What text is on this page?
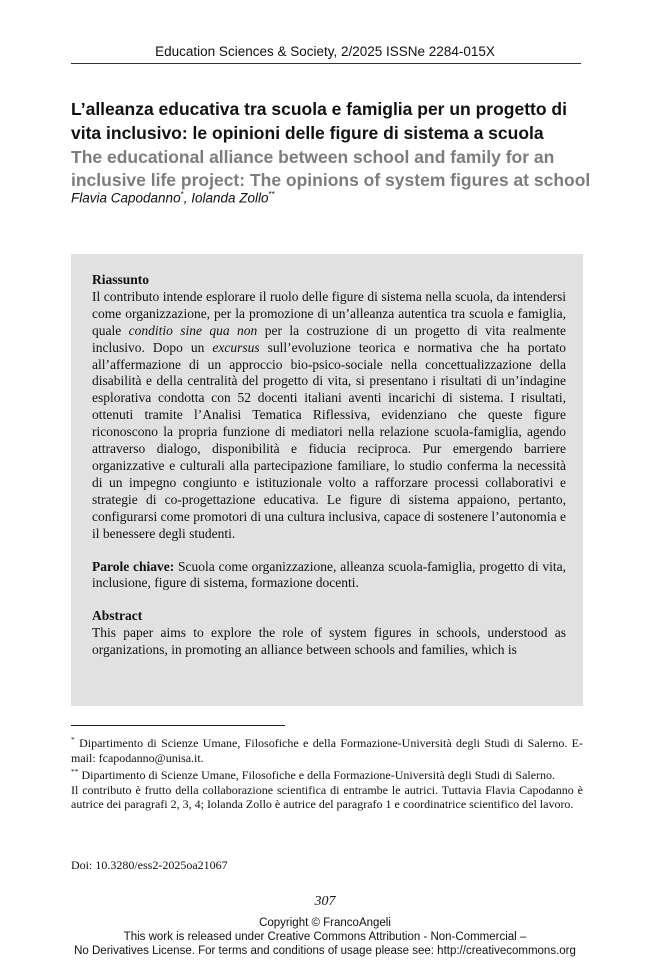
Education Sciences & Society, 2/2025 ISSNe 2284-015X
L’alleanza educativa tra scuola e famiglia per un progetto di vita inclusivo: le opinioni delle figure di sistema a scuola
The educational alliance between school and family for an inclusive life project: The opinions of system figures at school
Flavia Capodanno*, Iolanda Zollo**
Riassunto

Il contributo intende esplorare il ruolo delle figure di sistema nella scuola, da intendersi come organizzazione, per la promozione di un’alleanza autentica tra scuola e famiglia, quale conditio sine qua non per la costruzione di un progetto di vita realmente inclusivo. Dopo un excursus sull’evoluzione teorica e normativa che ha portato all’affermazione di un approccio bio-psico-sociale nella concettualizzazione della disabilità e della centralità del progetto di vita, si presentano i risultati di un’indagine esplorativa condotta con 52 docenti italiani aventi incarichi di sistema. I risultati, ottenuti tramite l’Analisi Tematica Riflessiva, evidenziano che queste figure riconoscono la propria funzione di mediatori nella relazione scuola-famiglia, agendo attraverso dialogo, disponibilità e fiducia reciproca. Pur emergendo barriere organizzative e culturali alla partecipazione familiare, lo studio conferma la necessità di un impegno congiunto e istituzionale volto a rafforzare processi collaborativi e strategie di co-progettazione educativa. Le figure di sistema appaiono, pertanto, configurarsi come promotori di una cultura inclusiva, capace di sostenere l’autonomia e il benessere degli studenti.

Parole chiave: Scuola come organizzazione, alleanza scuola-famiglia, progetto di vita, inclusione, figure di sistema, formazione docenti.

Abstract

This paper aims to explore the role of system figures in schools, understood as organizations, in promoting an alliance between schools and families, which is

* Dipartimento di Scienze Umane, Filosofiche e della Formazione-Università degli Studi di Salerno. E-mail: fcapodanno@unisa.it.

** Dipartimento di Scienze Umane, Filosofiche e della Formazione-Università degli Studi di Salerno.

Il contributo è frutto della collaborazione scientifica di entrambe le autrici. Tuttavia Flavia Capodanno è autrice dei paragrafi 2, 3, 4; Iolanda Zollo è autrice del paragrafo 1 e coordinatrice scientifico del lavoro.

Doi: 10.3280/ess2-2025oa21067
307
Copyright © FrancoAngeli
This work is released under Creative Commons Attribution - Non-Commercial –
No Derivatives License. For terms and conditions of usage please see: http://creativecommons.org
